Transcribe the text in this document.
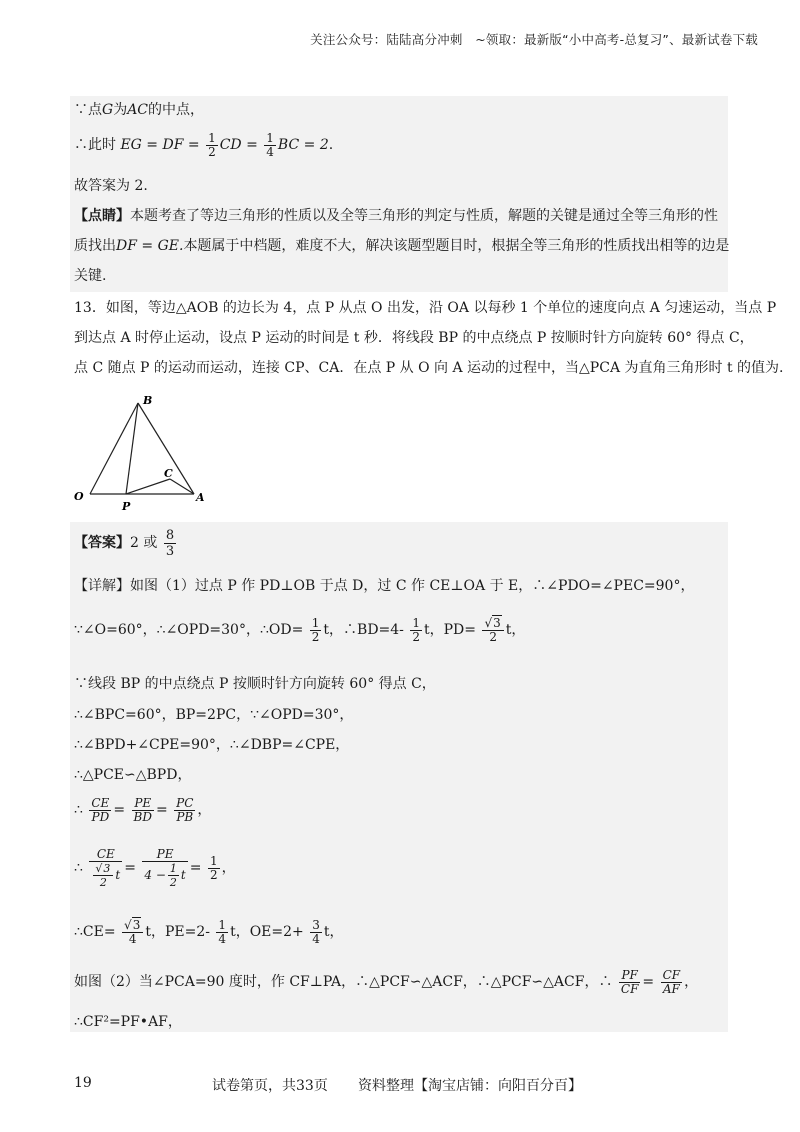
关注公众号：陆陆高分冲刺　~领取：最新版“小中高考-总复习”、最新试卷下载
∵点G为AC的中点，
∴此时 EG = DF = $\frac{1}{2}$ CD = $\frac{1}{4}$ BC = 2.
故答案为 2.
【点睛】本题考查了等边三角形的性质以及全等三角形的判定与性质，解题的关键是通过全等三角形的性
质找出DF = GE.本题属于中档题，难度不大，解决该题型题目时，根据全等三角形的性质找出相等的边是
关键.
13．如图，等边△AOB 的边长为 4，点 P 从点 O 出发，沿 OA 以每秒 1 个单位的速度向点 A 匀速运动，当点 P
到达点 A 时停止运动，设点 P 运动的时间是 t 秒．将线段 BP 的中点绕点 P 按顺时针方向旋转 60° 得点 C，
点 C 随点 P 的运动而运动，连接 CP、CA．在点 P 从 O 向 A 运动的过程中，当△PCA 为直角三角形时 t 的值为.
B
C
O
P
A
【答案】2 或 $\frac{8}{3}$
【详解】如图（1）过点 P 作 PD⊥OB 于点 D，过 C 作 CE⊥OA 于 E，∴∠PDO=∠PEC=90°，
∵∠O=60°，∴∠OPD=30°，∴OD= $\frac{1}{2}$ t，∴BD=4- $\frac{1}{2}$ t，$PD= \frac{√3}{2}$ t，
∵线段 BP 的中点绕点 P 按顺时针方向旋转 60° 得点 C，
∴∠BPC=60°，BP=2PC，∵∠OPD=30°，
∴∠BPD+∠CPE=90°，∴∠DBP=∠CPE，
∴△PCE∽△BPD，
∴ $\frac{CE}{PD} = \frac{PE}{BD} = \frac{PC}{PB}$ ，
∴ $\frac{CE}{\frac{√3}{2} t} = \frac{PE}{4 - \frac{1}{2} t} = \frac{1}{2}$ ，
∴CE= $\frac{√3}{4}$ t，$PE=2- \frac{1}{4}$ t，$OE=2+ \frac{3}{4}$ t，
如图（2）当∠PCA=90 度时，作 CF⊥PA，∴△PCF∽△ACF，∴△PCF∽△ACF，∴ $\frac{PF}{CF} = \frac{CF}{AF}$ ，
∴CF²=PF•AF，
19	试卷第页，共33页 资料整理【淘宝店铺：向阳百分百】
